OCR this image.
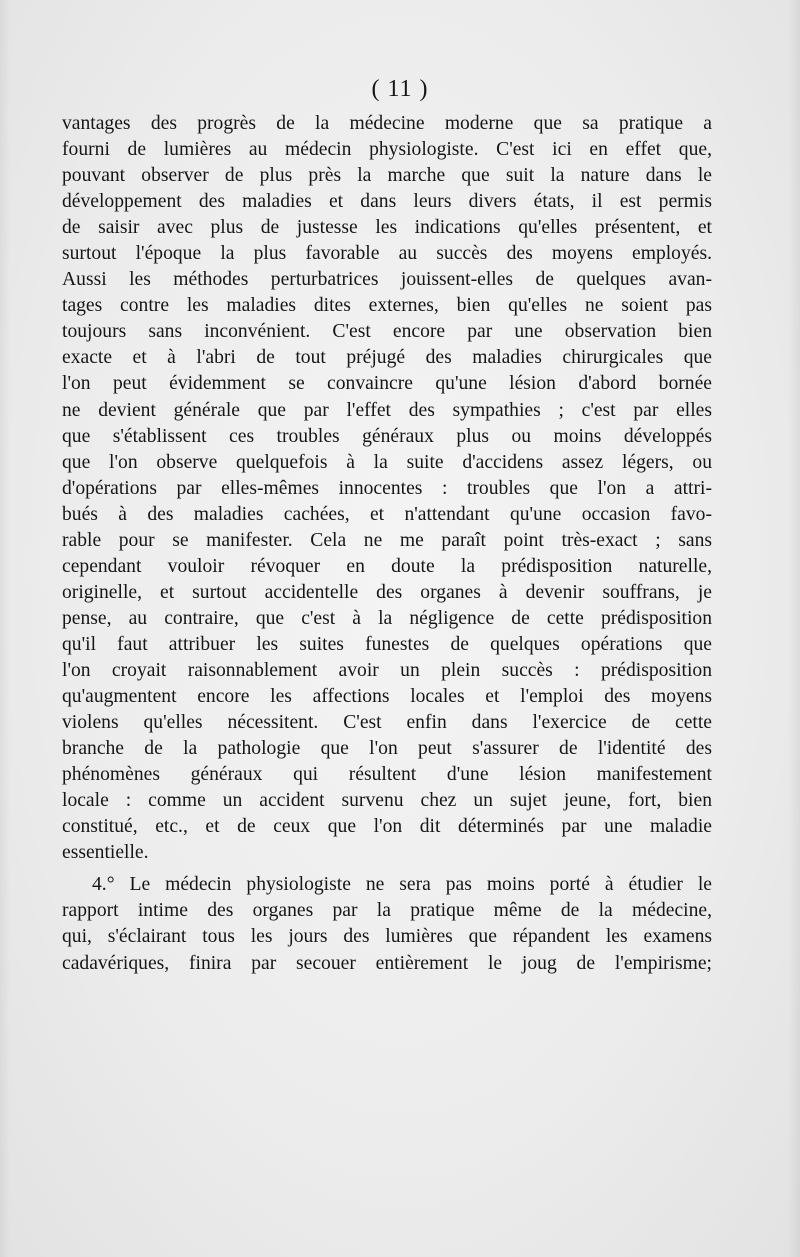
( 11 )
vantages des progrès de la médecine moderne que sa pratique a
fourni de lumières au médecin physiologiste. C'est ici en effet que,
pouvant observer de plus près la marche que suit la nature dans le
développement des maladies et dans leurs divers états, il est permis
de saisir avec plus de justesse les indications qu'elles présentent, et
surtout l'époque la plus favorable au succès des moyens employés.
Aussi les méthodes perturbatrices jouissent-elles de quelques avan-
tages contre les maladies dites externes, bien qu'elles ne soient pas
toujours sans inconvénient. C'est encore par une observation bien
exacte et à l'abri de tout préjugé des maladies chirurgicales que
l'on peut évidemment se convaincre qu'une lésion d'abord bornée
ne devient générale que par l'effet des sympathies ; c'est par elles
que s'établissent ces troubles généraux plus ou moins développés
que l'on observe quelquefois à la suite d'accidens assez légers, ou
d'opérations par elles-mêmes innocentes : troubles que l'on a attri-
bués à des maladies cachées, et n'attendant qu'une occasion favo-
rable pour se manifester. Cela ne me paraît point très-exact ; sans
cependant vouloir révoquer en doute la prédisposition naturelle,
originelle, et surtout accidentelle des organes à devenir souffrans, je
pense, au contraire, que c'est à la négligence de cette prédisposition
qu'il faut attribuer les suites funestes de quelques opérations que
l'on croyait raisonnablement avoir un plein succès : prédisposition
qu'augmentent encore les affections locales et l'emploi des moyens
violens qu'elles nécessitent. C'est enfin dans l'exercice de cette
branche de la pathologie que l'on peut s'assurer de l'identité des
phénomènes généraux qui résultent d'une lésion manifestement
locale : comme un accident survenu chez un sujet jeune, fort, bien
constitué, etc., et de ceux que l'on dit déterminés par une maladie
essentielle.
4.° Le médecin physiologiste ne sera pas moins porté à étudier le
rapport intime des organes par la pratique même de la médecine,
qui, s'éclairant tous les jours des lumières que répandent les examens
cadavériques, finira par secouer entièrement le joug de l'empirisme;
